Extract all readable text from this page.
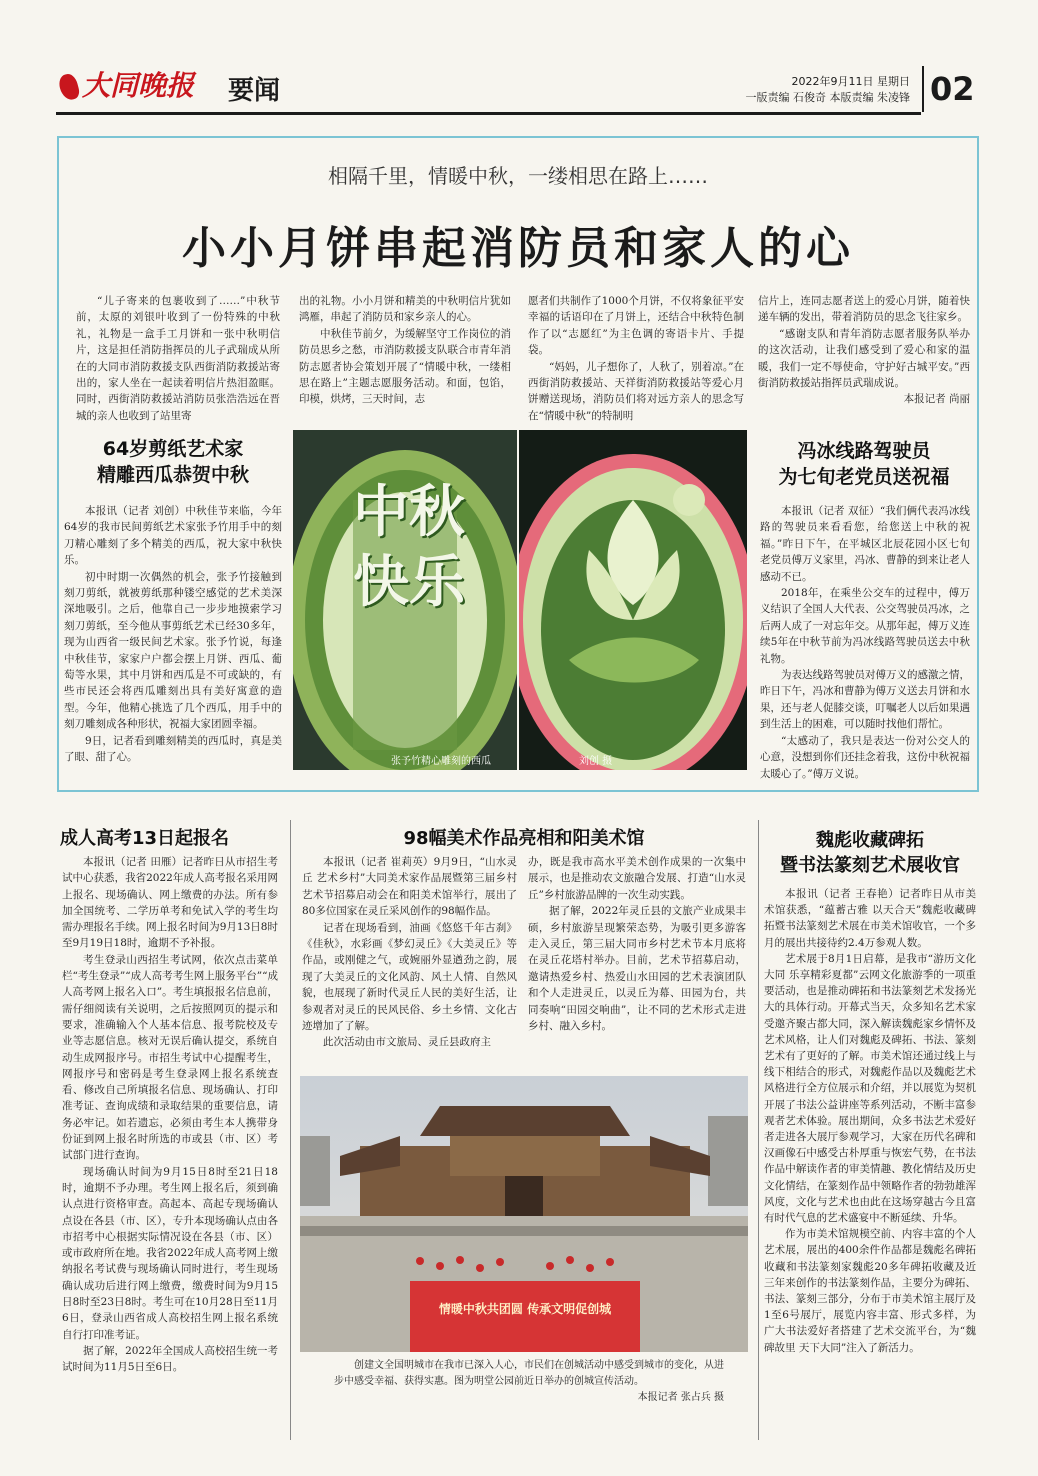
大同晚报	要闻	2022年9月11日 星期日
一版责编 石俊奇 本版责编 朱凌锋 02
相隔千里，情暖中秋，一缕相思在路上……
小小月饼串起消防员和家人的心

“儿子寄来的包裹收到了……”中秋节前，太原的刘银叶收到了一份特殊的中秋礼，礼物是一盒手工月饼和一张中秋明信片，这是担任消防指挥员的儿子武瑞成从所在的大同市消防救援支队西街消防救援站寄出的，家人坐在一起读着明信片热泪盈眶。同时，西街消防救援站消防员张浩浩远在晋城的亲人也收到了站里寄

出的礼物。小小月饼和精美的中秋明信片犹如鸿雁，串起了消防员和家乡亲人的心。

中秋佳节前夕，为缓解坚守工作岗位的消防员思乡之愁，市消防救援支队联合市青年消防志愿者协会策划开展了“情暖中秋，一缕相思在路上”主题志愿服务活动。和面，包馅，印模，烘烤，三天时间，志

愿者们共制作了1000个月饼，不仅将象征平安幸福的话语印在了月饼上，还结合中秋特色制作了以“志愿红”为主色调的寄语卡片、手提袋。

“妈妈，儿子想你了，人秋了，别着凉。”在西街消防救援站、天祥街消防救援站等爱心月饼赠送现场，消防员们将对远方亲人的思念写在“情暖中秋”的特制明

信片上，连同志愿者送上的爱心月饼，随着快递车辆的发出，带着消防员的思念飞往家乡。

“感谢支队和青年消防志愿者服务队举办的这次活动，让我们感受到了爱心和家的温暖，我们一定不辱使命，守护好古城平安。”西街消防救援站指挥员武瑞成说。

本报记者 尚丽

64岁剪纸艺术家
精雕西瓜恭贺中秋

本报讯（记者 刘创）中秋佳节来临，今年64岁的我市民间剪纸艺术家张予竹用手中的刻刀精心雕刻了多个精美的西瓜，祝大家中秋快乐。

初中时期一次偶然的机会，张予竹接触到刻刀剪纸，就被剪纸那种镂空感觉的艺术美深深地吸引。之后，他靠自己一步步地摸索学习刻刀剪纸，至今他从事剪纸艺术已经30多年，现为山西省一级民间艺术家。张予竹说，每逢中秋佳节，家家户户都会摆上月饼、西瓜、葡萄等水果，其中月饼和西瓜是不可或缺的，有些市民还会将西瓜雕刻出具有美好寓意的造型。今年，他精心挑选了几个西瓜，用手中的刻刀雕刻成各种形状，祝福大家团圆幸福。

9日，记者看到雕刻精美的西瓜时，真是美了眼、甜了心。

中秋快乐
张予竹精心雕刻的西瓜	刘创 摄
冯冰线路驾驶员
为七旬老党员送祝福

本报讯（记者 双征）“我们俩代表冯冰线路的驾驶员来看看您，给您送上中秋的祝福。”昨日下午，在平城区北辰花园小区七旬老党员傅万义家里，冯冰、曹静的到来让老人感动不已。

2018年，在乘坐公交车的过程中，傅万义结识了全国人大代表、公交驾驶员冯冰，之后两人成了一对忘年交。从那年起，傅万义连续5年在中秋节前为冯冰线路驾驶员送去中秋礼物。

为表达线路驾驶员对傅万义的感激之情，昨日下午，冯冰和曹静为傅万义送去月饼和水果，还与老人促膝交谈，叮嘱老人以后如果遇到生活上的困难，可以随时找他们帮忙。

“太感动了，我只是表达一份对公交人的心意，没想到你们还挂念着我，这份中秋祝福太暖心了。”傅万义说。

成人高考13日起报名

本报讯（记者 田雁）记者昨日从市招生考试中心获悉，我省2022年成人高考报名采用网上报名、现场确认、网上缴费的办法。所有参加全国统考、二学历单考和免试入学的考生均需办理报名手续。网上报名时间为9月13日8时至9月19日18时，逾期不予补报。

考生登录山西招生考试网，依次点击菜单栏“考生登录”“成人高考考生网上服务平台”“成人高考网上报名入口”。考生填报报名信息前，需仔细阅读有关说明，之后按照网页的提示和要求，准确输入个人基本信息、报考院校及专业等志愿信息。核对无误后确认提交，系统自动生成网报序号。市招生考试中心提醒考生，网报序号和密码是考生登录网上报名系统查看、修改自己所填报名信息、现场确认、打印准考证、查询成绩和录取结果的重要信息，请务必牢记。如若遗忘，必须由考生本人携带身份证到网上报名时所选的市或县（市、区）考试部门进行查询。

现场确认时间为9月15日8时至21日18时，逾期不予办理。考生网上报名后，须到确认点进行资格审查。高起本、高起专现场确认点设在各县（市、区），专升本现场确认点由各市招考中心根据实际情况设在各县（市、区）或市政府所在地。我省2022年成人高考网上缴纳报名考试费与现场确认同时进行，考生现场确认成功后进行网上缴费，缴费时间为9月15日8时至23日8时。考生可在10月28日至11月6日，登录山西省成人高校招生网上报名系统自行打印准考证。

据了解，2022年全国成人高校招生统一考试时间为11月5日至6日。

98幅美术作品亮相和阳美术馆

本报讯（记者 崔莉英）9月9日，“山水灵丘 艺术乡村”大同美术家作品展暨第三届乡村艺术节招募启动会在和阳美术馆举行，展出了80多位国家在灵丘采风创作的98幅作品。

记者在现场看到，油画《悠悠千年古刹》《佳秋》，水彩画《梦幻灵丘》《大美灵丘》等作品，或刚健之气，或婉丽外显遒劲之韵，展现了大美灵丘的文化风韵、风土人情、自然风貌，也展现了新时代灵丘人民的美好生活，让参观者对灵丘的民风民俗、乡土乡情、文化古迹增加了了解。

此次活动由市文旅局、灵丘县政府主

办，既是我市高水平美术创作成果的一次集中展示，也是推动农文旅融合发展、打造“山水灵丘”乡村旅游品牌的一次生动实践。

据了解，2022年灵丘县的文旅产业成果丰硕，乡村旅游呈现繁荣态势，为吸引更多游客走入灵丘，第三届大同市乡村艺术节本月底将在灵丘花塔村举办。目前，艺术节招募启动，邀请热爱乡村、热爱山水田园的艺术表演团队和个人走进灵丘，以灵丘为幕、田园为台，共同奏响“田园交响曲”，让不同的艺术形式走进乡村、融入乡村。

情暖中秋共团圆 传承文明促创城
创建文全国明城市在我市已深入人心，市民们在创城活动中感受到城市的变化，从进步中感受幸福、获得实惠。图为明堂公园前近日举办的创城宣传活动。
本报记者 张占兵 摄
魏彪收藏碑拓
暨书法篆刻艺术展收官

本报讯（记者 王春艳）记者昨日从市美术馆获悉，“蕴蓄古雅 以天合天”魏彪收藏碑拓暨书法篆刻艺术展在市美术馆收官，一个多月的展出共接待约2.4万参观人数。

艺术展于8月1日启幕，是我市“游历文化大同 乐享精彩夏都”云网文化旅游季的一项重要活动，也是推动碑拓和书法篆刻艺术发扬光大的具体行动。开幕式当天，众多知名艺术家受邀齐聚古都大同，深入解读魏彪家乡情怀及艺术风格，让人们对魏彪及碑拓、书法、篆刻艺术有了更好的了解。市美术馆还通过线上与线下相结合的形式，对魏彪作品以及魏彪艺术风格进行全方位展示和介绍，并以展览为契机开展了书法公益讲座等系列活动，不断丰富参观者艺术体验。展出期间，众多书法艺术爱好者走进各大展厅参观学习，大家在历代名碑和汉画像石中感受古朴厚重与恢宏气势，在书法作品中解读作者的审美情趣、教化情结及历史文化情结，在篆刻作品中领略作者的勃勃雄浑风度，文化与艺术也由此在这场穿越古今且富有时代气息的艺术盛宴中不断延续、升华。

作为市美术馆规模空前、内容丰富的个人艺术展，展出的400余件作品都是魏彪名碑拓收藏和书法篆刻家魏彪20多年碑拓收藏及近三年来创作的书法篆刻作品，主要分为碑拓、书法、篆刻三部分，分布于市美术馆主展厅及1至6号展厅，展览内容丰富、形式多样，为广大书法爱好者搭建了艺术交流平台，为“魏碑故里 天下大同”注入了新活力。
